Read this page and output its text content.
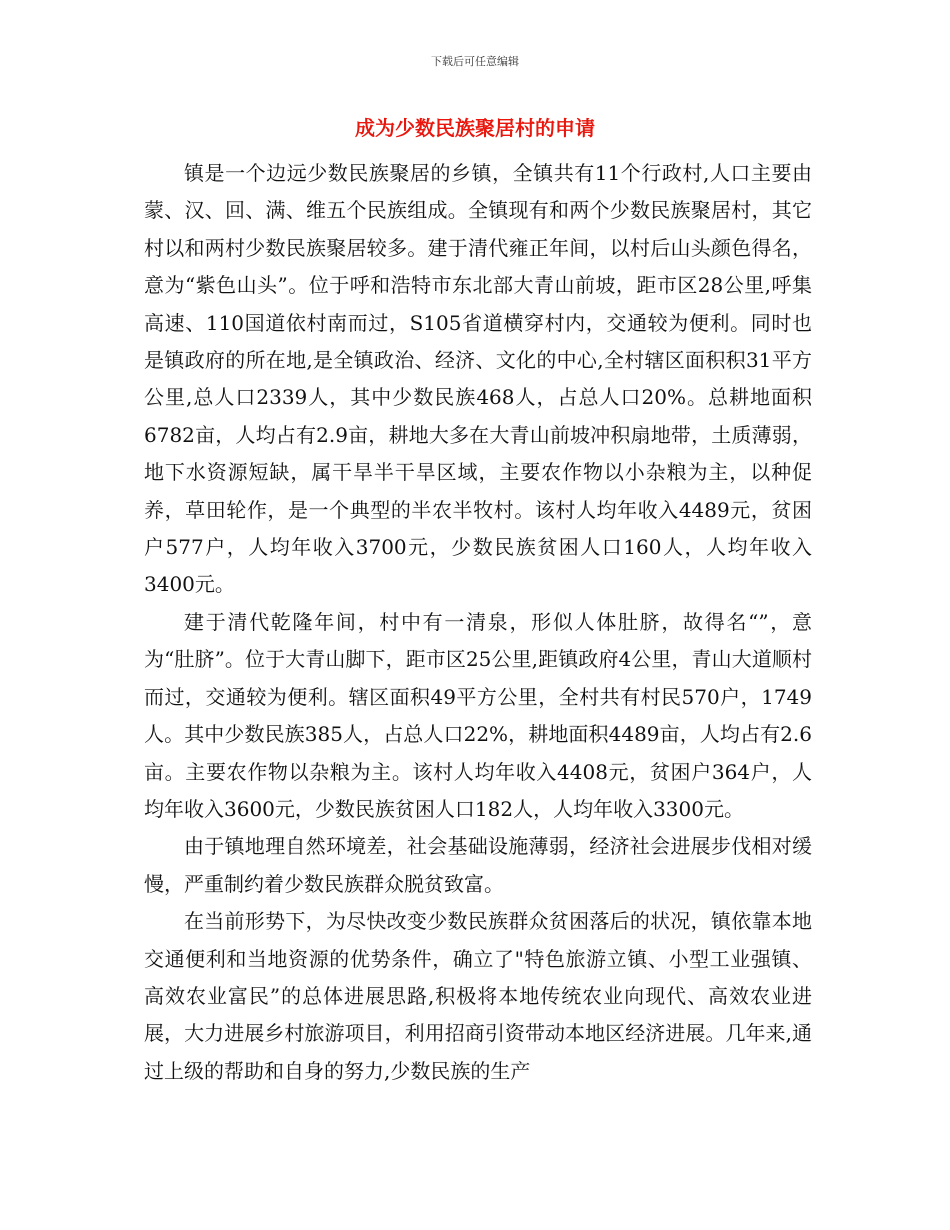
下载后可任意编辑
成为少数民族聚居村的申请

镇是一个边远少数民族聚居的乡镇，全镇共有11个行政村,人口主要由蒙、汉、回、满、维五个民族组成。全镇现有和两个少数民族聚居村，其它村以和两村少数民族聚居较多。建于清代雍正年间，以村后山头颜色得名，意为“紫色山头”。位于呼和浩特市东北部大青山前坡，距市区28公里,呼集高速、110国道依村南而过，S105省道横穿村内，交通较为便利。同时也是镇政府的所在地,是全镇政治、经济、文化的中心,全村辖区面积积31平方公里,总人口2339人，其中少数民族468人，占总人口20%。总耕地面积6782亩，人均占有2.9亩，耕地大多在大青山前坡冲积扇地带，土质薄弱，地下水资源短缺，属干旱半干旱区域，主要农作物以小杂粮为主，以种促养，草田轮作，是一个典型的半农半牧村。该村人均年收入4489元，贫困户577户，人均年收入3700元，少数民族贫困人口160人，人均年收入3400元。

建于清代乾隆年间，村中有一清泉，形似人体肚脐，故得名“”，意为“肚脐”。位于大青山脚下，距市区25公里,距镇政府4公里，青山大道顺村而过，交通较为便利。辖区面积49平方公里，全村共有村民570户，1749人。其中少数民族385人，占总人口22%，耕地面积4489亩，人均占有2.6亩。主要农作物以杂粮为主。该村人均年收入4408元，贫困户364户，人均年收入3600元，少数民族贫困人口182人，人均年收入3300元。

由于镇地理自然环境差，社会基础设施薄弱，经济社会进展步伐相对缓慢，严重制约着少数民族群众脱贫致富。

在当前形势下，为尽快改变少数民族群众贫困落后的状况，镇依靠本地交通便利和当地资源的优势条件，确立了"特色旅游立镇、小型工业强镇、高效农业富民”的总体进展思路,积极将本地传统农业向现代、高效农业进展，大力进展乡村旅游项目，利用招商引资带动本地区经济进展。几年来,通过上级的帮助和自身的努力,少数民族的生产
